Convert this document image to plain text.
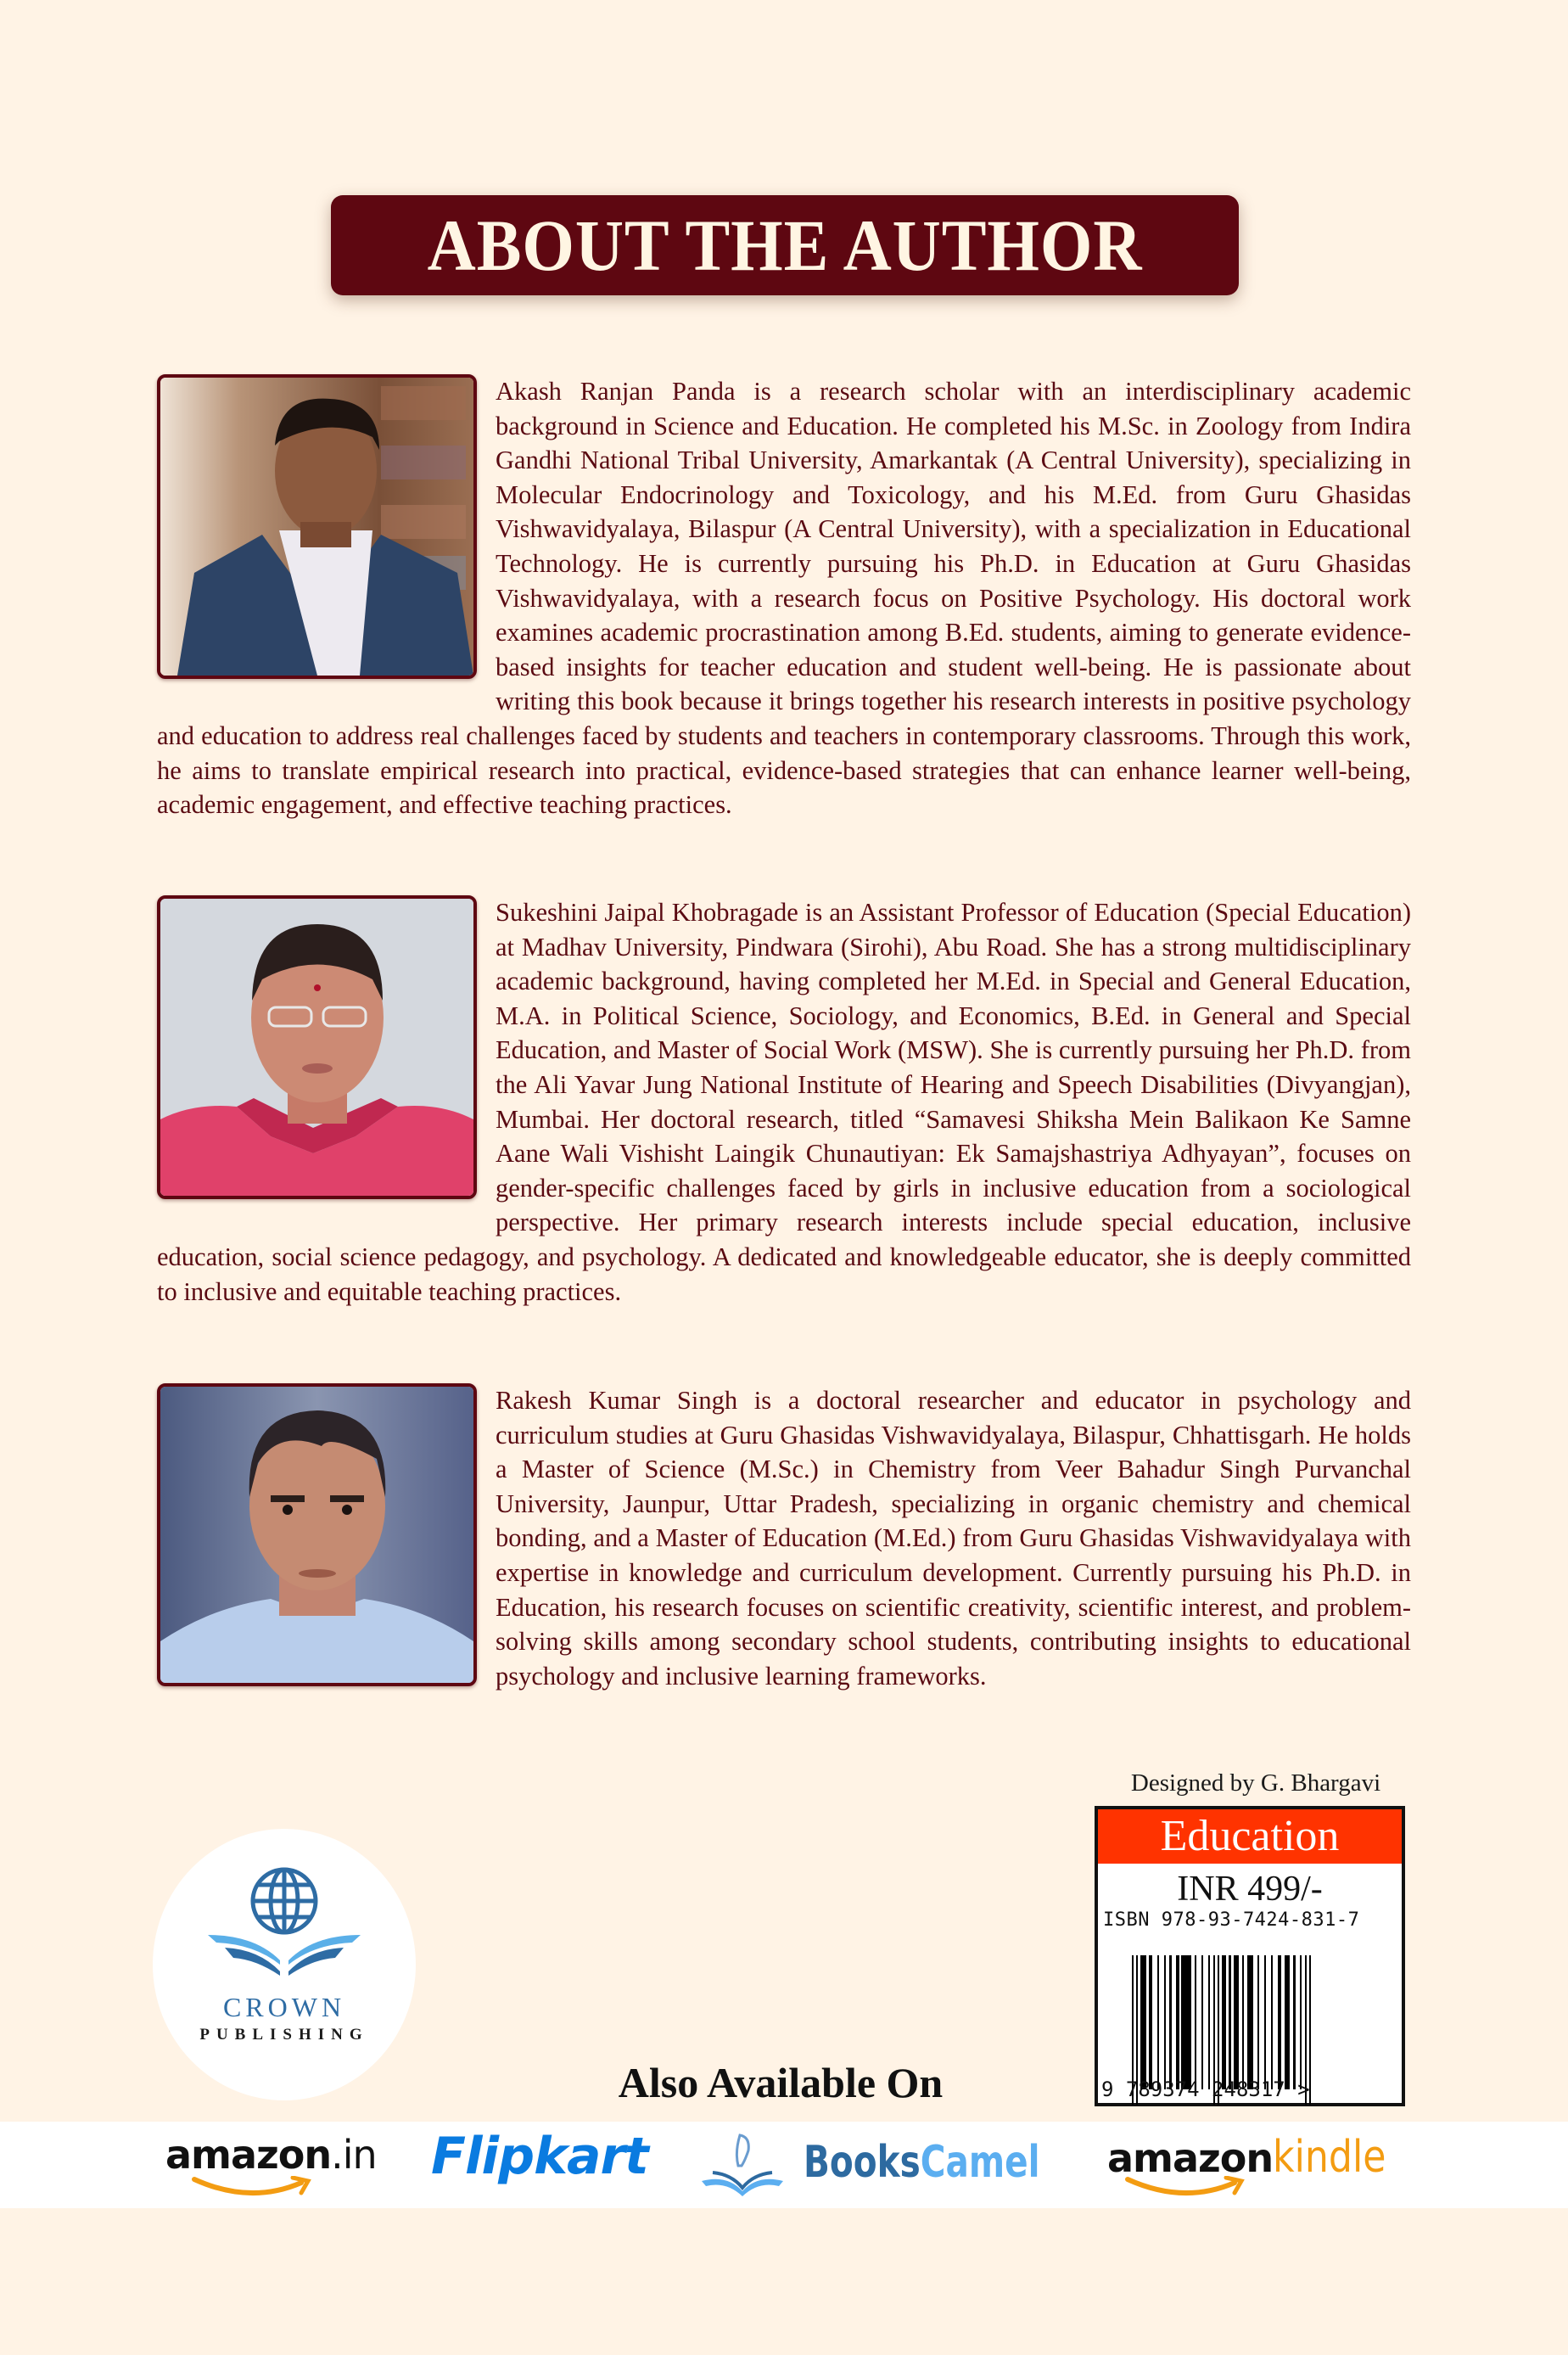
ABOUT THE AUTHOR

Akash Ranjan Panda is a research scholar with an interdisciplinary academic background in Science and Education. He completed his M.Sc. in Zoology from Indira Gandhi National Tribal University, Amarkantak (A Central University), specializing in Molecular Endocrinology and Toxicology, and his M.Ed. from Guru Ghasidas Vishwavidyalaya, Bilaspur (A Central University), with a specialization in Educational Technology. He is currently pursuing his Ph.D. in Education at Guru Ghasidas Vishwavidyalaya, with a research focus on Positive Psychology. His doctoral work examines academic procrastination among B.Ed. students, aiming to generate evidence-based insights for teacher education and student well-being. He is passionate about writing this book because it brings together his research interests in positive psychology and education to address real challenges faced by students and teachers in contemporary classrooms. Through this work, he aims to translate empirical research into practical, evidence-based strategies that can enhance learner well-being, academic engagement, and effective teaching practices.

Sukeshini Jaipal Khobragade is an Assistant Professor of Education (Special Education) at Madhav University, Pindwara (Sirohi), Abu Road. She has a strong multidisciplinary academic background, having completed her M.Ed. in Special and General Education, M.A. in Political Science, Sociology, and Economics, B.Ed. in General and Special Education, and Master of Social Work (MSW). She is currently pursuing her Ph.D. from the Ali Yavar Jung National Institute of Hearing and Speech Disabilities (Divyangjan), Mumbai. Her doctoral research, titled “Samavesi Shiksha Mein Balikaon Ke Samne Aane Wali Vishisht Laingik Chunautiyan: Ek Samajshastriya Adhyayan”, focuses on gender-specific challenges faced by girls in inclusive education from a sociological perspective. Her primary research interests include special education, inclusive education, social science pedagogy, and psychology. A dedicated and knowledgeable educator, she is deeply committed to inclusive and equitable teaching practices.

Rakesh Kumar Singh is a doctoral researcher and educator in psychology and curriculum studies at Guru Ghasidas Vishwavidyalaya, Bilaspur, Chhattisgarh. He holds a Master of Science (M.Sc.) in Chemistry from Veer Bahadur Singh Purvanchal University, Jaunpur, Uttar Pradesh, specializing in organic chemistry and chemical bonding, and a Master of Education (M.Ed.) from Guru Ghasidas Vishwavidyalaya with expertise in knowledge and curriculum development. Currently pursuing his Ph.D. in Education, his research focuses on scientific creativity, scientific interest, and problem-solving skills among secondary school students, contributing insights to educational psychology and inclusive learning frameworks.

Designed by G. Bhargavi
Education
INR 499/-
ISBN 978-93-7424-831-7
9 789374 248317 >
CROWN
PUBLISHING
Also Available On
amazon.in Flipkart	BooksCamel amazonkindle
